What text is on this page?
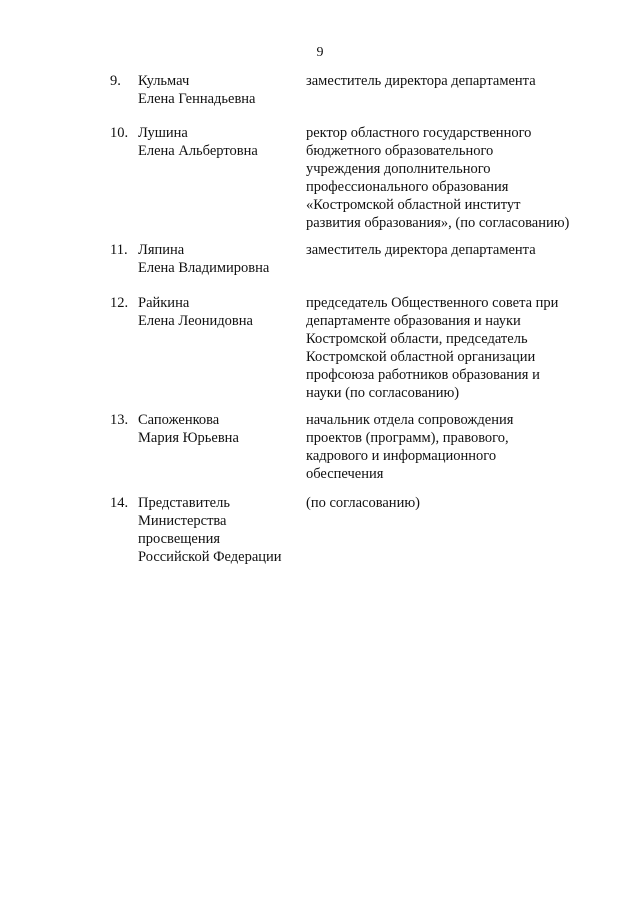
9
9.	Кульмач
Елена Геннадьевна
заместитель директора департамента
10. Лушина
Елена Альбертовна
ректор областного государственного
бюджетного образовательного
учреждения дополнительного
профессионального образования
«Костромской областной институт
развития образования», (по согласованию)
11. Ляпина
Елена Владимировна
заместитель директора департамента
12. Райкина
Елена Леонидовна
председатель Общественного совета при
департаменте образования и науки
Костромской области, председатель
Костромской областной организации
профсоюза работников образования и
науки (по согласованию)
13. Сапоженкова
Мария Юрьевна
начальник отдела сопровождения
проектов (программ), правового,
кадрового и информационного
обеспечения
14. Представитель
Министерства
просвещения
Российской Федерации
(по согласованию)
